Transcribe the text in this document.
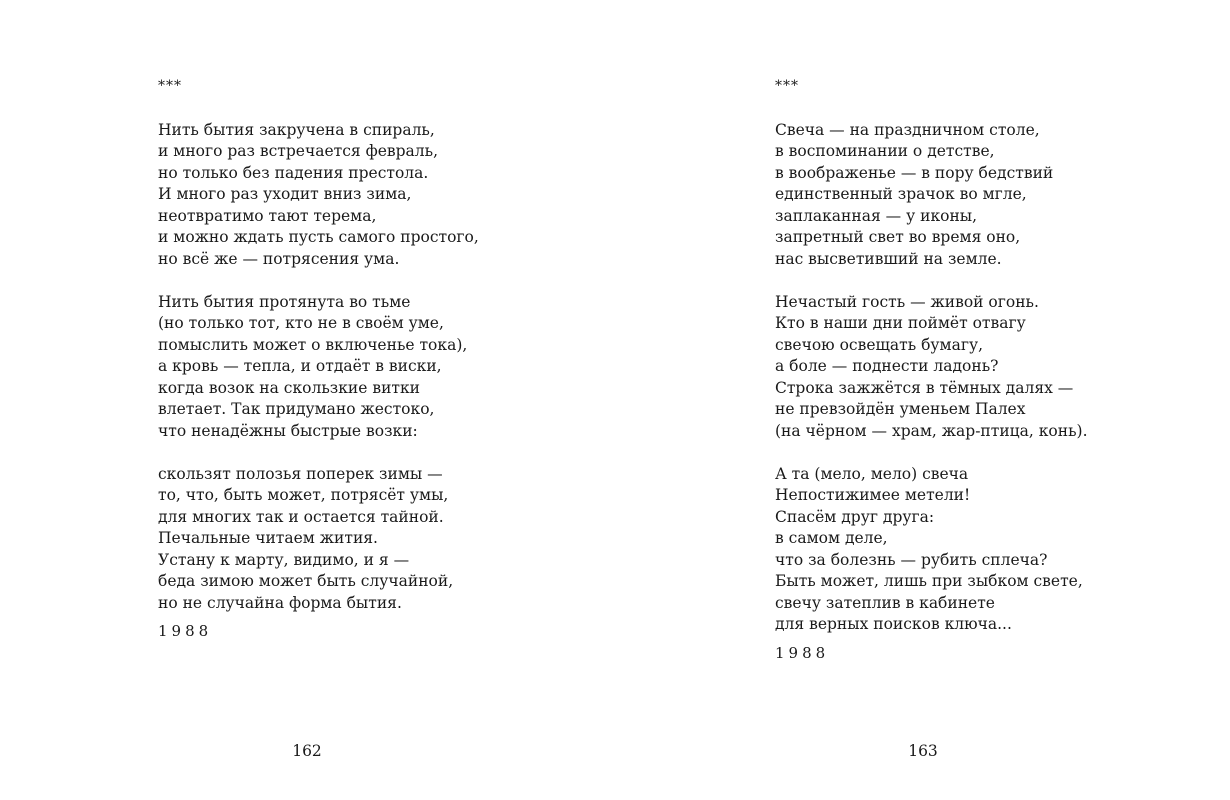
***
Нить бытия закручена в спираль,
и много раз встречается февраль,
но только без падения престола.
И много раз уходит вниз зима,
неотвратимо тают терема,
и можно ждать пусть самого простого,
но всё же — потрясения ума.
Нить бытия протянута во тьме
(но только тот, кто не в своём уме,
помыслить может о включенье тока),
а кровь — тепла, и отдаёт в виски,
когда возок на скользкие витки
влетает. Так придумано жестоко,
что ненадёжны быстрые возки:
скользят полозья поперек зимы —
то, что, быть может, потрясёт умы,
для многих так и остается тайной.
Печальные читаем жития.
Устану к марту, видимо, и я —
беда зимою может быть случайной,
но не случайна форма бытия.
1988
162
***
Свеча — на праздничном столе,
в воспоминании о детстве,
в воображенье — в пору бедствий
единственный зрачок во мгле,
заплаканная — у иконы,
запретный свет во время оно,
нас высветивший на земле.
Нечастый гость — живой огонь.
Кто в наши дни поймёт отвагу
свечою освещать бумагу,
а боле — поднести ладонь?
Строка зажжётся в тёмных далях —
не превзойдён уменьем Палех
(на чёрном — храм, жар-птица, конь).
А та (мело, мело) свеча
Непостижимее метели!
Спасём друг друга:
в самом деле,
что за болезнь — рубить сплеча?
Быть может, лишь при зыбком свете,
свечу затеплив в кабинете
для верных поисков ключа...
1988
163
